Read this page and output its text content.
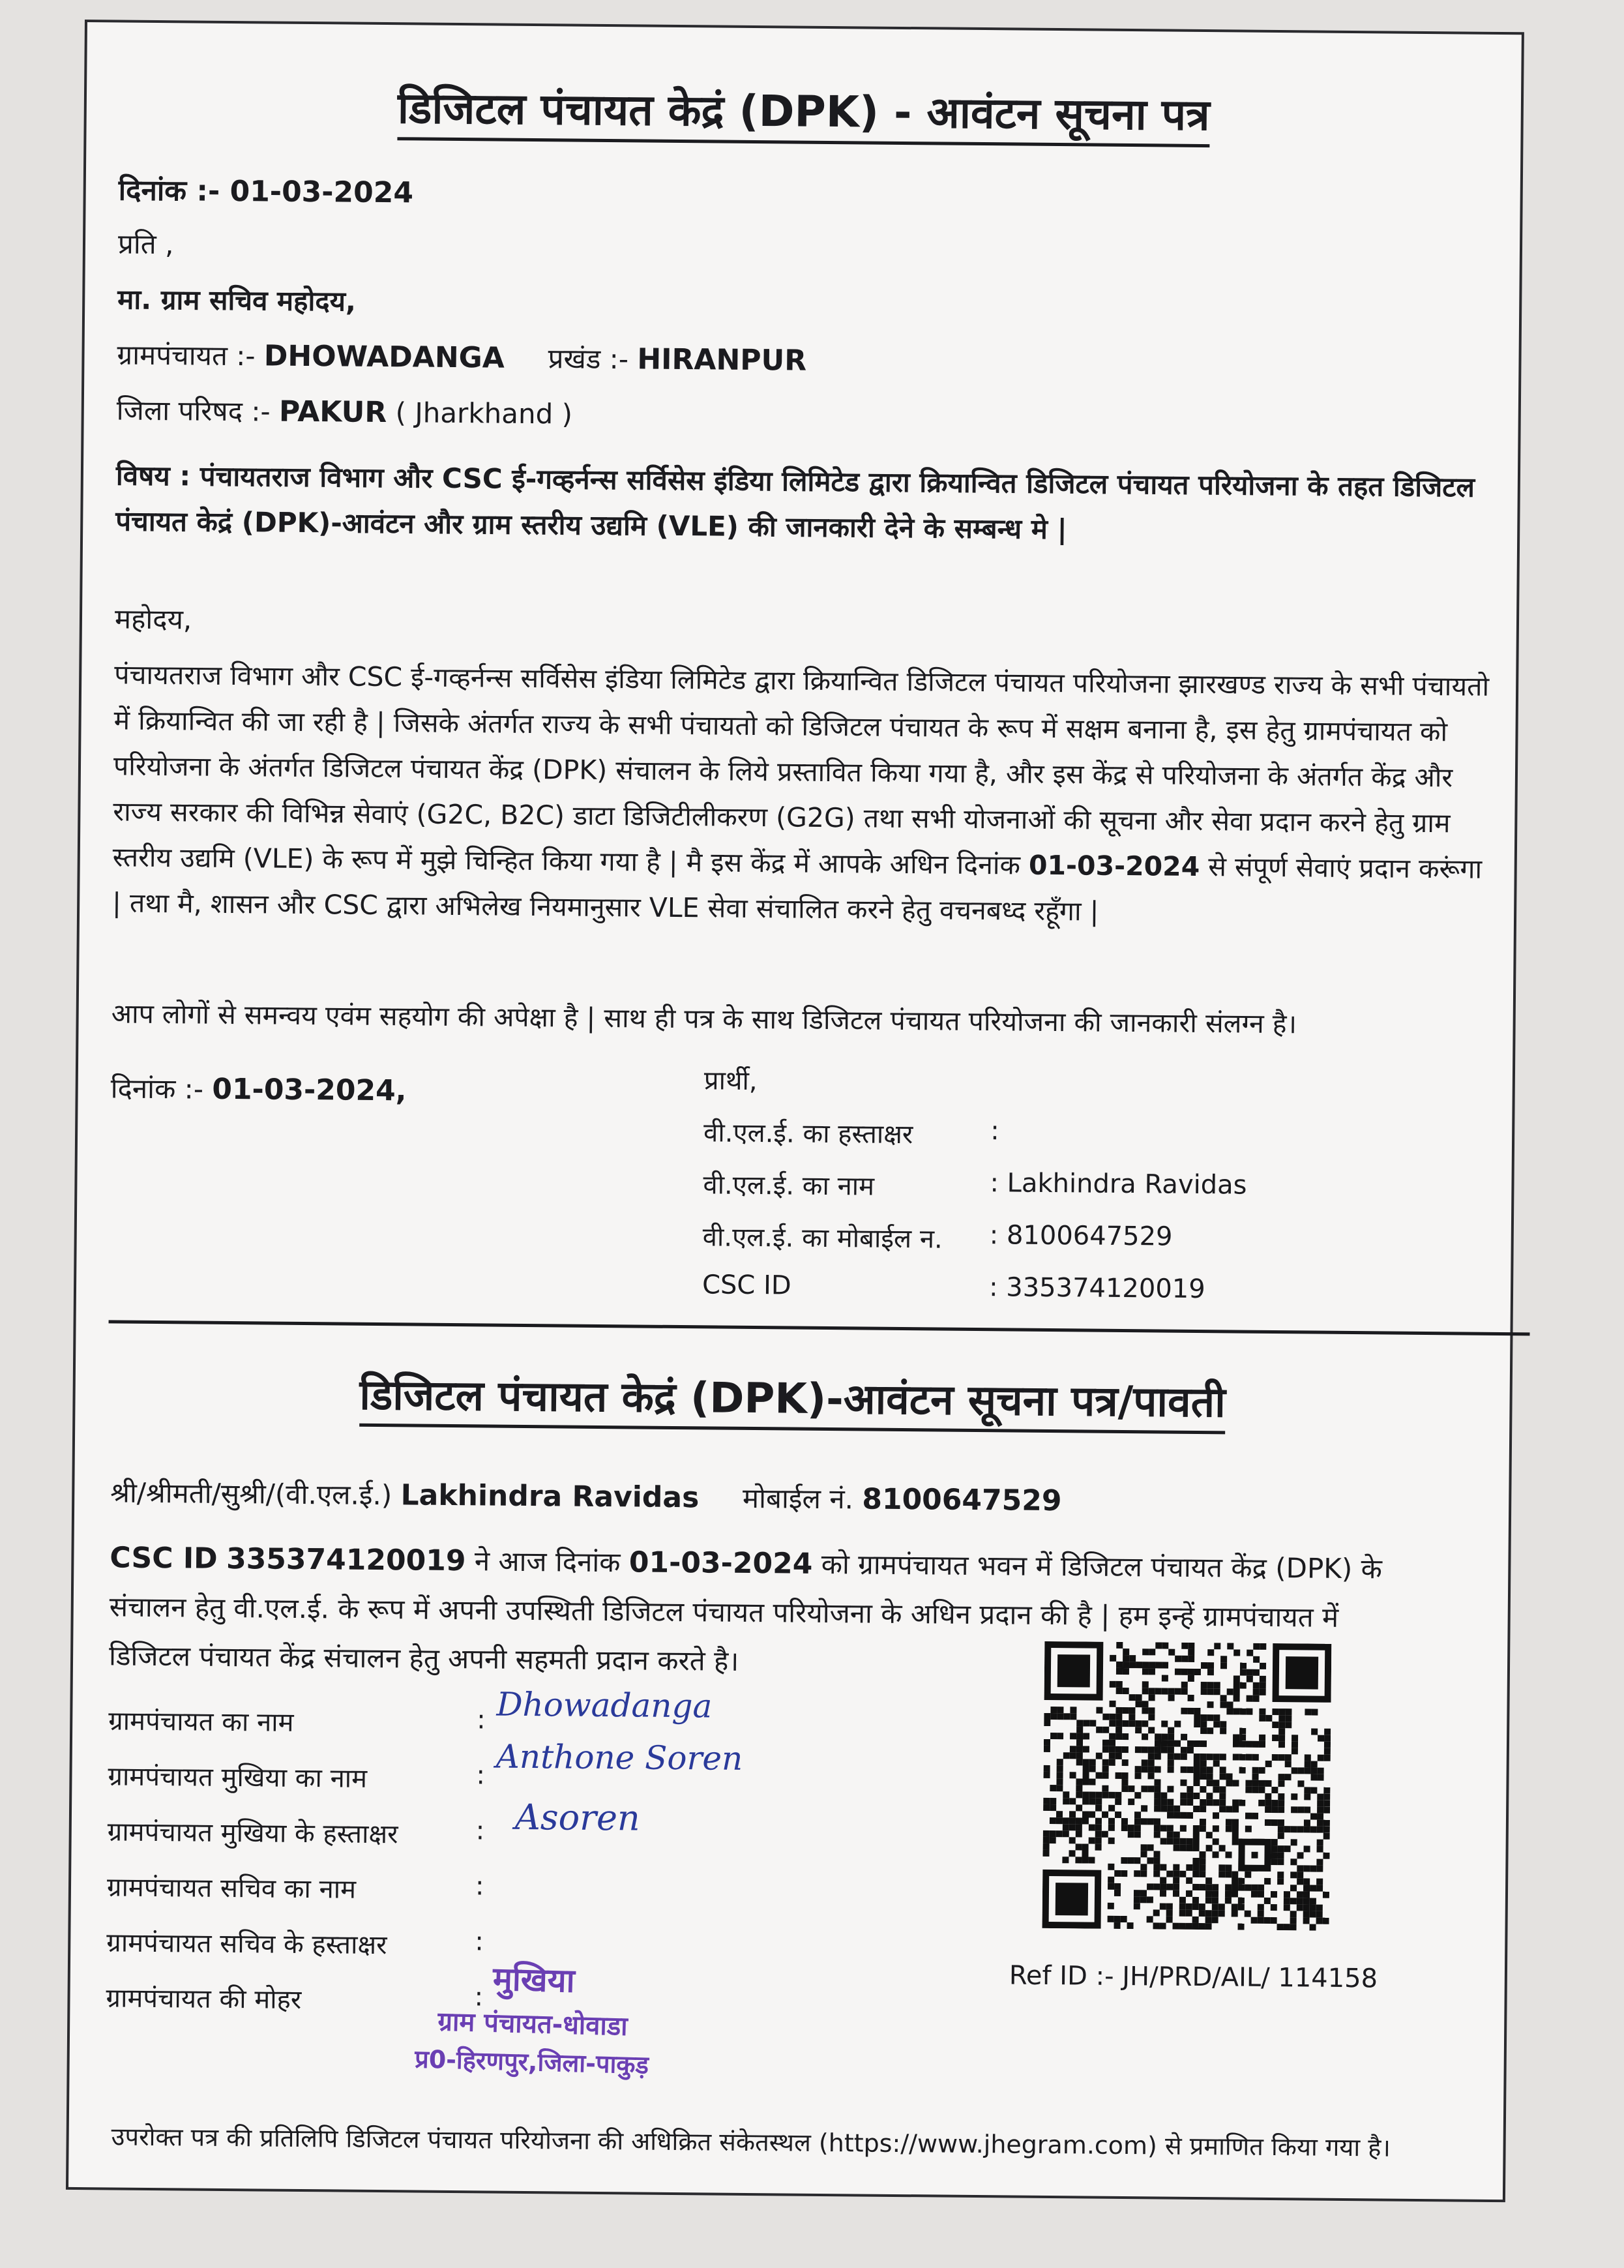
डिजिटल पंचायत केद्रं (DPK) - आवंटन सूचना पत्र
दिनांक :- 01-03-2024
प्रति ,
मा. ग्राम सचिव महोदय,
ग्रामपंचायत :- DHOWADANGA प्रखंड :- HIRANPUR
जिला परिषद :- PAKUR ( Jharkhand )
विषय : पंचायतराज विभाग और CSC ई-गव्हर्नन्स सर्विसेस इंडिया लिमिटेड द्वारा क्रियान्वित डिजिटल पंचायत परियोजना के तहत डिजिटल पंचायत केद्रं (DPK)-आवंटन और ग्राम स्तरीय उद्यमि (VLE) की जानकारी देने के सम्बन्ध मे |
महोदय,
पंचायतराज विभाग और CSC ई-गव्हर्नन्स सर्विसेस इंडिया लिमिटेड द्वारा क्रियान्वित डिजिटल पंचायत परियोजना झारखण्ड राज्य के सभी पंचायतो में क्रियान्वित की जा रही है | जिसके अंतर्गत राज्य के सभी पंचायतो को डिजिटल पंचायत के रूप में सक्षम बनाना है, इस हेतु ग्रामपंचायत को परियोजना के अंतर्गत डिजिटल पंचायत केंद्र (DPK) संचालन के लिये प्रस्तावित किया गया है, और इस केंद्र से परियोजना के अंतर्गत केंद्र और राज्य सरकार की विभिन्न सेवाएं (G2C, B2C) डाटा डिजिटीलीकरण (G2G) तथा सभी योजनाओं की सूचना और सेवा प्रदान करने हेतु ग्राम स्तरीय उद्यमि (VLE) के रूप में मुझे चिन्हित किया गया है | मै इस केंद्र में आपके अधिन दिनांक 01-03-2024 से संपूर्ण सेवाएं प्रदान करूंगा | तथा मै, शासन और CSC द्वारा अभिलेख नियमानुसार VLE सेवा संचालित करने हेतु वचनबध्द रहूँगा |
आप लोगों से समन्वय एवंम सहयोग की अपेक्षा है | साथ ही पत्र के साथ डिजिटल पंचायत परियोजना की जानकारी संलग्न है।
दिनांक :- 01-03-2024,	प्रार्थी,
वी.एल.ई. का हस्ताक्षर	:
वी.एल.ई. का नाम	: Lakhindra Ravidas
वी.एल.ई. का मोबाईल न. : 8100647529
CSC ID	: 335374120019
डिजिटल पंचायत केद्रं (DPK)-आवंटन सूचना पत्र/पावती
श्री/श्रीमती/सुश्री/(वी.एल.ई.) Lakhindra Ravidas मोबाईल नं. 8100647529
CSC ID 335374120019 ने आज दिनांक 01-03-2024 को ग्रामपंचायत भवन में डिजिटल पंचायत केंद्र (DPK) के
संचालन हेतु वी.एल.ई. के रूप में अपनी उपस्थिती डिजिटल पंचायत परियोजना के अधिन प्रदान की है | हम इन्हें ग्रामपंचायत में
डिजिटल पंचायत केंद्र संचालन हेतु अपनी सहमती प्रदान करते है।
ग्रामपंचायत का नाम	: Dhowadanga
ग्रामपंचायत मुखिया का नाम	: Anthone Soren
ग्रामपंचायत मुखिया के हस्ताक्षर	: Asoren
ग्रामपंचायत सचिव का नाम	:
ग्रामपंचायत सचिव के हस्ताक्षर	:
ग्रामपंचायत की मोहर	:
Ref ID :- JH/PRD/AIL/ 114158
मुखिया
ग्राम पंचायत-धोवाडा
प्र0-हिरणपुर,जिला-पाकुड़
उपरोक्त पत्र की प्रतिलिपि डिजिटल पंचायत परियोजना की अधिक्रित संकेतस्थल (https://www.jhegram.com) से प्रमाणित किया गया है।
